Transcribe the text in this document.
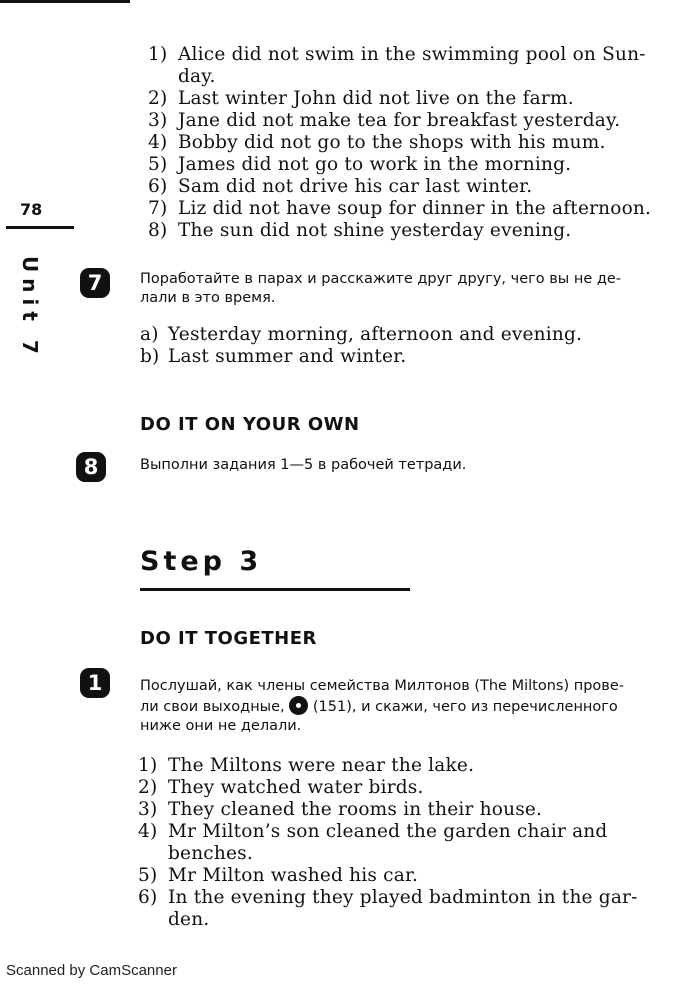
78
Unit 7
1) Alice did not swim in the swimming pool on Sun-
day.
2) Last winter John did not live on the farm.
3) Jane did not make tea for breakfast yesterday.
4) Bobby did not go to the shops with his mum.
5) James did not go to work in the morning.
6) Sam did not drive his car last winter.
7) Liz did not have soup for dinner in the afternoon.
8) The sun did not shine yesterday evening.
7	Поработайте в парах и расскажите друг другу, чего вы не де-
лали в это время.
a) Yesterday morning, afternoon and evening.
b) Last summer and winter.
DO IT ON YOUR OWN
8	Выполни задания 1—5 в рабочей тетради.
Step 3
DO IT TOGETHER
1	Послушай, как члены семейства Милтонов (The Miltons) прове-
ли свои выходные, (151), и скажи, чего из перечисленного
ниже они не делали.
1) The Miltons were near the lake.
2) They watched water birds.
3) They cleaned the rooms in their house.
4) Mr Milton’s son cleaned the garden chair and
benches.
5) Mr Milton washed his car.
6) In the evening they played badminton in the gar-
den.
Scanned by CamScanner
